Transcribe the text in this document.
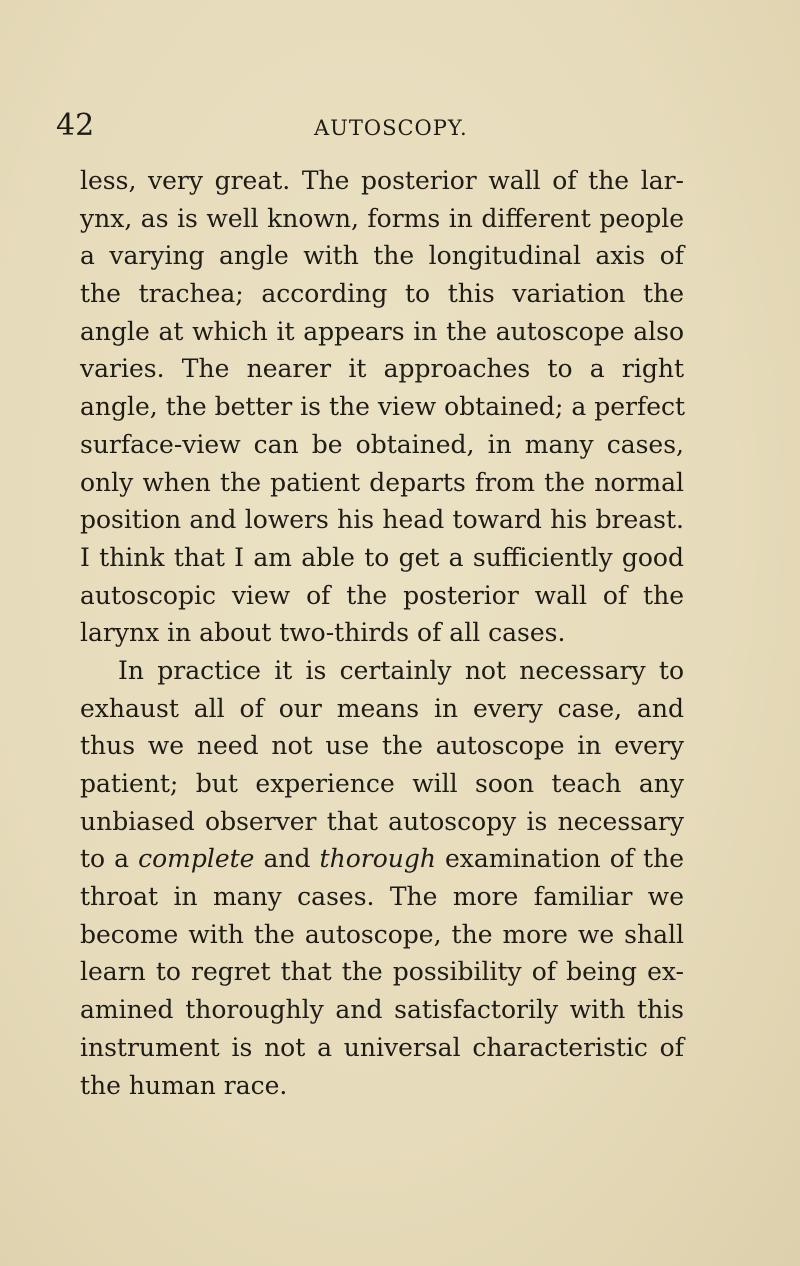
42	AUTOSCOPY.
less, very great. The posterior wall of the lar-
ynx, as is well known, forms in different people
a varying angle with the longitudinal axis of
the trachea; according to this variation the
angle at which it appears in the autoscope also
varies. The nearer it approaches to a right
angle, the better is the view obtained; a perfect
surface-view can be obtained, in many cases,
only when the patient departs from the normal
position and lowers his head toward his breast.
I think that I am able to get a sufficiently good
autoscopic view of the posterior wall of the
larynx in about two-thirds of all cases.
In practice it is certainly not necessary to
exhaust all of our means in every case, and
thus we need not use the autoscope in every
patient; but experience will soon teach any
unbiased observer that autoscopy is necessary
to a complete and thorough examination of the
throat in many cases. The more familiar we
become with the autoscope, the more we shall
learn to regret that the possibility of being ex-
amined thoroughly and satisfactorily with this
instrument is not a universal characteristic of
the human race.
